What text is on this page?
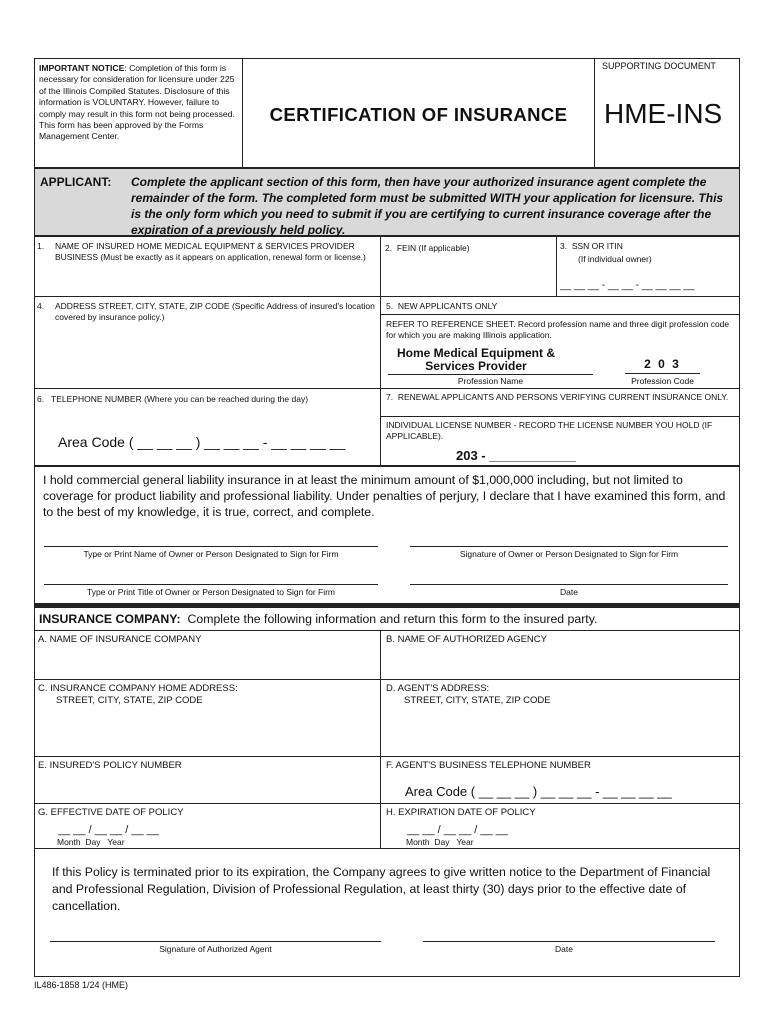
IMPORTANT NOTICE: Completion of this form is necessary for consideration for licensure under 225 of the Illinois Compiled Statutes. Disclosure of this information is VOLUNTARY. However, failure to comply may result in this form not being processed. This form has been approved by the Forms Management Center.
CERTIFICATION OF INSURANCE
SUPPORTING DOCUMENT
HME-INS
APPLICANT: Complete the applicant section of this form, then have your authorized insurance agent complete the remainder of the form. The completed form must be submitted WITH your application for licensure. This is the only form which you need to submit if you are certifying to current insurance coverage after the expiration of a previously held policy.
1. NAME OF INSURED HOME MEDICAL EQUIPMENT & SERVICES PROVIDER BUSINESS (Must be exactly as it appears on application, renewal form or license.)
2. FEIN (If applicable)	3. SSN OR ITIN
(If individual owner)
__ __ __ - __ __ - __ __ __ __
4. ADDRESS STREET, CITY, STATE, ZIP CODE (Specific Address of insured's location covered by insurance policy.)
5. NEW APPLICANTS ONLY
REFER TO REFERENCE SHEET. Record profession name and three digit profession code for which you are making Illinois application.
Home Medical Equipment & Services Provider
Profession Name
2 0 3
Profession Code
6. TELEPHONE NUMBER (Where you can be reached during the day)
Area Code ( __ __ __ ) __ __ __ - __ __ __ __
7. RENEWAL APPLICANTS AND PERSONS VERIFYING CURRENT INSURANCE ONLY.
INDIVIDUAL LICENSE NUMBER - RECORD THE LICENSE NUMBER YOU HOLD (IF APPLICABLE).
203 - ____________
I hold commercial general liability insurance in at least the minimum amount of $1,000,000 including, but not limited to coverage for product liability and professional liability. Under penalties of perjury, I declare that I have examined this form, and to the best of my knowledge, it is true, correct, and complete.
Type or Print Name of Owner or Person Designated to Sign for Firm	Signature of Owner or Person Designated to Sign for Firm
Type or Print Title of Owner or Person Designated to Sign for Firm	Date
INSURANCE COMPANY: Complete the following information and return this form to the insured party.
A. NAME OF INSURANCE COMPANY	B. NAME OF AUTHORIZED AGENCY
C. INSURANCE COMPANY HOME ADDRESS:
STREET, CITY, STATE, ZIP CODE
D. AGENT'S ADDRESS:
STREET, CITY, STATE, ZIP CODE
E. INSURED'S POLICY NUMBER	F. AGENT'S BUSINESS TELEPHONE NUMBER
Area Code ( __ __ __ ) __ __ __ - __ __ __ __
G. EFFECTIVE DATE OF POLICY
__ __ / __ __ / __ __
Month Day Year
H. EXPIRATION DATE OF POLICY
__ __ / __ __ / __ __
Month Day Year
If this Policy is terminated prior to its expiration, the Company agrees to give written notice to the Department of Financial and Professional Regulation, Division of Professional Regulation, at least thirty (30) days prior to the effective date of cancellation.
Signature of Authorized Agent	Date
IL486-1858 1/24 (HME)
